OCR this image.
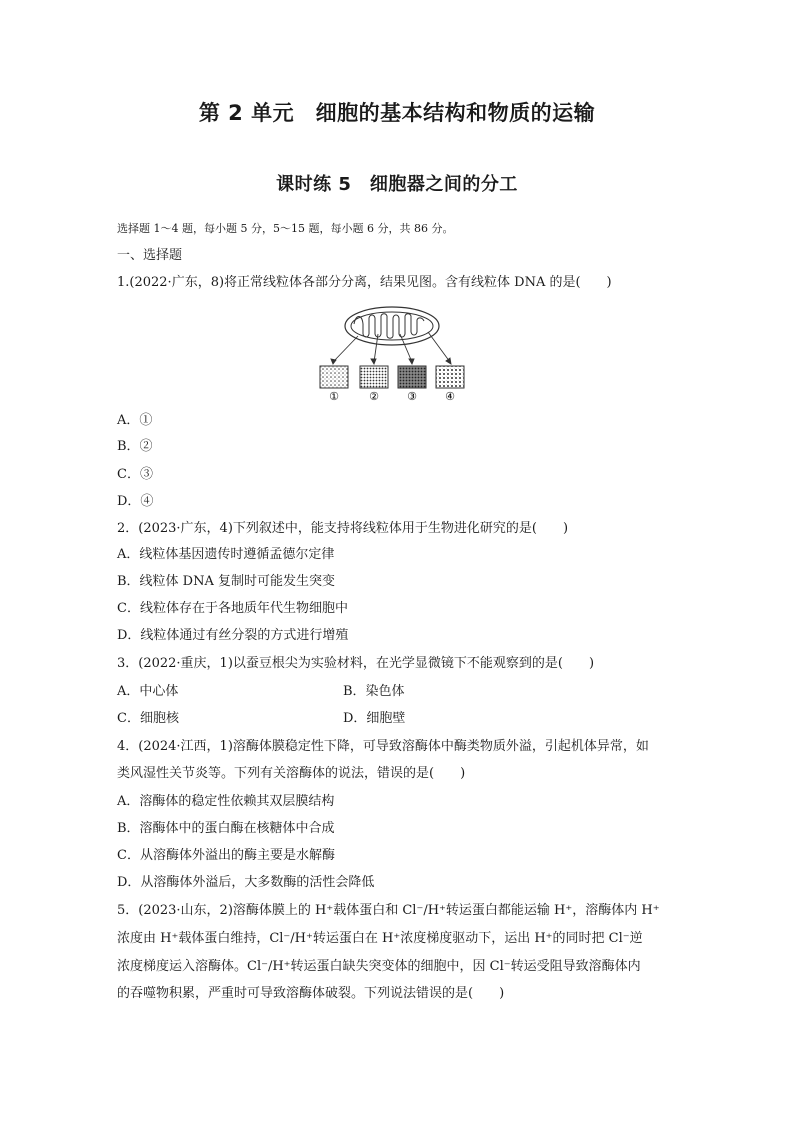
第 2 单元　细胞的基本结构和物质的运输
课时练 5　细胞器之间的分工
选择题 1～4 题，每小题 5 分，5～15 题，每小题 6 分，共 86 分。
一、选择题
1.(2022·广东，8)将正常线粒体各部分分离，结果见图。含有线粒体 DNA 的是(　　)
①	②	③	④
A．①
B．②
C．③
D．④
2．(2023·广东，4)下列叙述中，能支持将线粒体用于生物进化研究的是(　　)
A．线粒体基因遗传时遵循孟德尔定律
B．线粒体 DNA 复制时可能发生突变
C．线粒体存在于各地质年代生物细胞中
D．线粒体通过有丝分裂的方式进行增殖
3．(2022·重庆，1)以蚕豆根尖为实验材料，在光学显微镜下不能观察到的是(　　)
A．中心体	B．染色体
C．细胞核	D．细胞壁
4．(2024·江西，1)溶酶体膜稳定性下降，可导致溶酶体中酶类物质外溢，引起机体异常，如
类风湿性关节炎等。下列有关溶酶体的说法，错误的是(　　)
A．溶酶体的稳定性依赖其双层膜结构
B．溶酶体中的蛋白酶在核糖体中合成
C．从溶酶体外溢出的酶主要是水解酶
D．从溶酶体外溢后，大多数酶的活性会降低
5．(2023·山东，2)溶酶体膜上的 H⁺载体蛋白和 Cl⁻/H⁺转运蛋白都能运输 H⁺，溶酶体内 H⁺
浓度由 H⁺载体蛋白维持，Cl⁻/H⁺转运蛋白在 H⁺浓度梯度驱动下，运出 H⁺的同时把 Cl⁻逆
浓度梯度运入溶酶体。Cl⁻/H⁺转运蛋白缺失突变体的细胞中，因 Cl⁻转运受阻导致溶酶体内
的吞噬物积累，严重时可导致溶酶体破裂。下列说法错误的是(　　)
